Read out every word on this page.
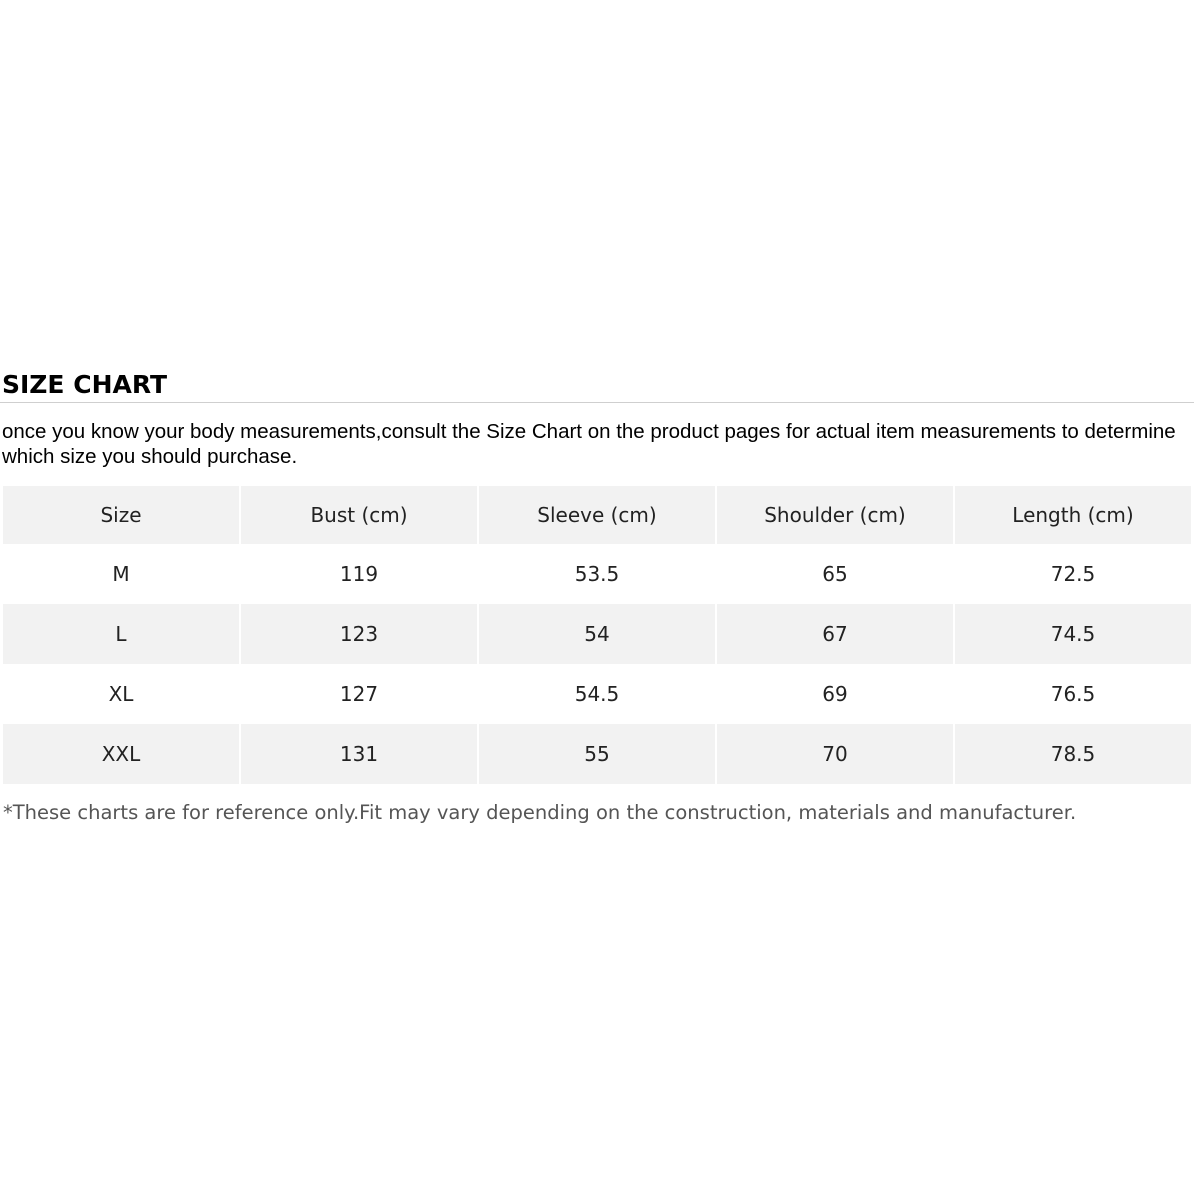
SIZE CHART

once you know your body measurements,consult the Size Chart on the product pages for actual item measurements to determine which size you should purchase.

Size	Bust (cm)	Sleeve (cm)	Shoulder (cm)	Length (cm)
M	119	53.5	65	72.5
L	123	54	67	74.5
XL	127	54.5	69	76.5
XXL	131	55	70	78.5

*These charts are for reference only.Fit may vary depending on the construction, materials and manufacturer.
